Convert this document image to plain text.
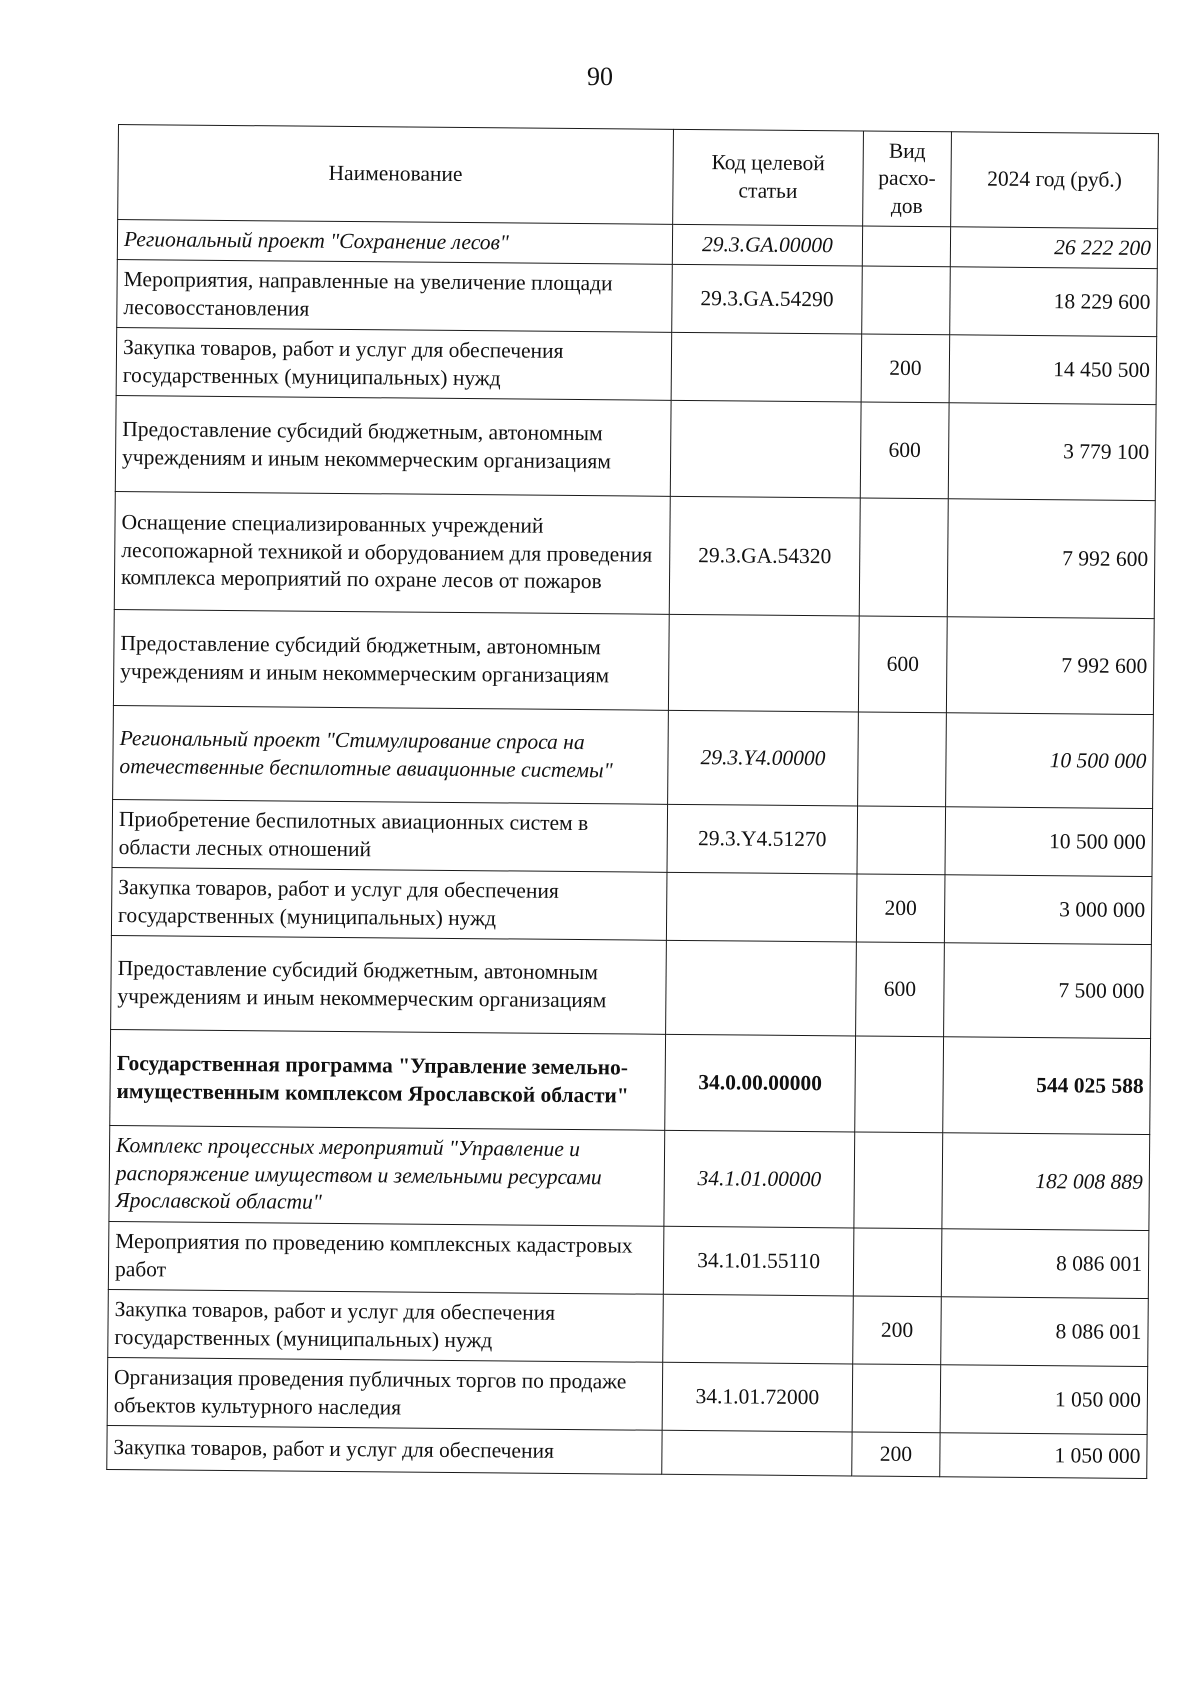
90
Наименование	Код целевой статьи	Вид расхо- дов	2024 год (руб.)
Региональный проект "Сохранение лесов"	29.3.GA.00000		26 222 200
Мероприятия, направленные на увеличение площади лесовосстановления	29.3.GA.54290		18 229 600
Закупка товаров, работ и услуг для обеспечения государственных (муниципальных) нужд		200	14 450 500
Предоставление субсидий бюджетным, автономным учреждениям и иным некоммерческим организациям		600	3 779 100
Оснащение специализированных учреждений лесопожарной техникой и оборудованием для проведения комплекса мероприятий по охране лесов от пожаров	29.3.GA.54320		7 992 600
Предоставление субсидий бюджетным, автономным учреждениям и иным некоммерческим организациям		600	7 992 600
Региональный проект "Стимулирование спроса на отечественные беспилотные авиационные системы"	29.3.Y4.00000		10 500 000
Приобретение беспилотных авиационных систем в области лесных отношений	29.3.Y4.51270		10 500 000
Закупка товаров, работ и услуг для обеспечения государственных (муниципальных) нужд		200	3 000 000
Предоставление субсидий бюджетным, автономным учреждениям и иным некоммерческим организациям		600	7 500 000
Государственная программа "Управление земельно-имущественным комплексом Ярославской области"	34.0.00.00000		544 025 588
Комплекс процессных мероприятий "Управление и распоряжение имуществом и земельными ресурсами Ярославской области"	34.1.01.00000		182 008 889
Мероприятия по проведению комплексных кадастровых работ	34.1.01.55110		8 086 001
Закупка товаров, работ и услуг для обеспечения государственных (муниципальных) нужд		200	8 086 001
Организация проведения публичных торгов по продаже объектов культурного наследия	34.1.01.72000		1 050 000
Закупка товаров, работ и услуг для обеспечения		200	1 050 000
